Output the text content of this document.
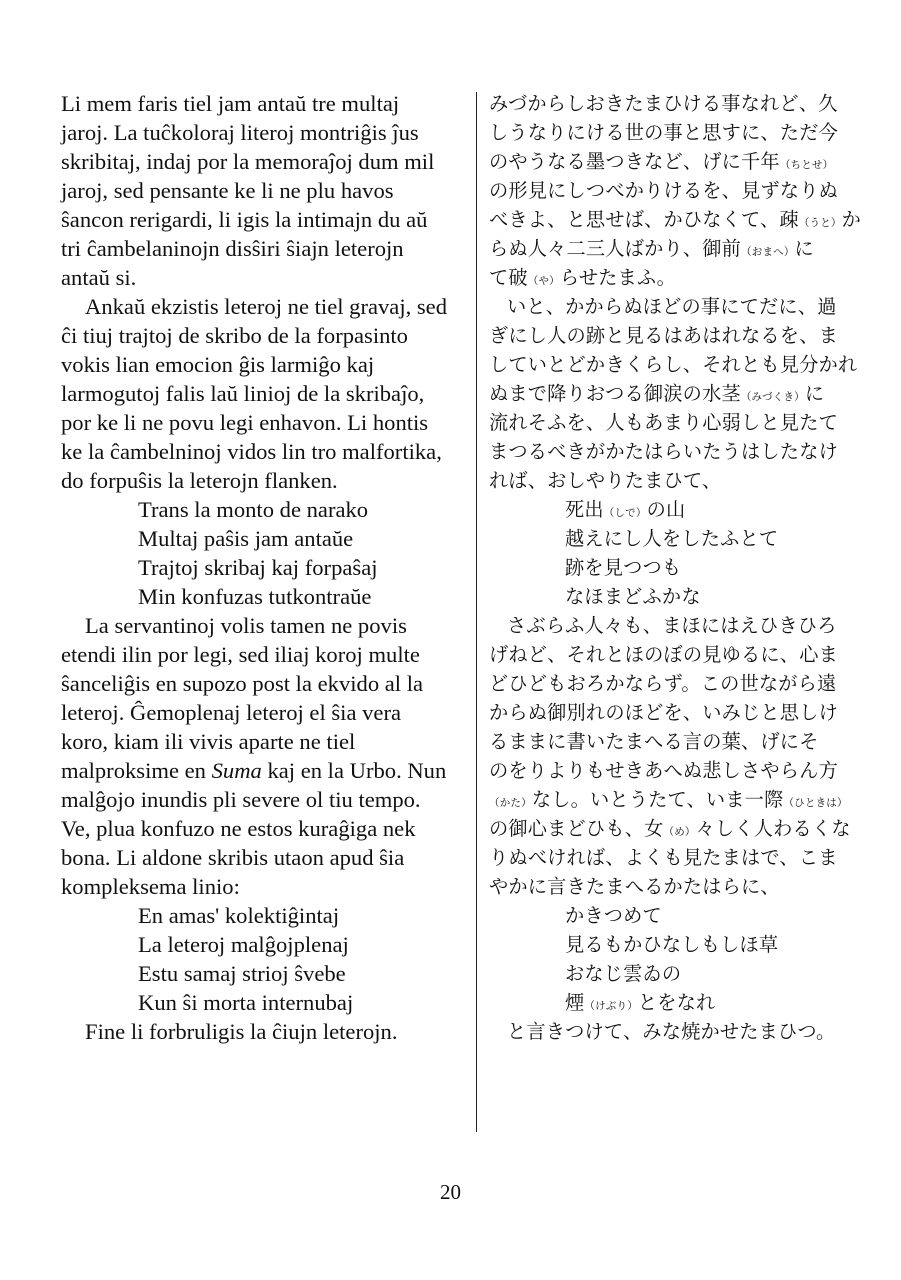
Li mem faris tiel jam antaŭ tre multaj
jaroj. La tuĉkoloraj literoj montriĝis ĵus
skribitaj, indaj por la memoraĵoj dum mil
jaroj, sed pensante ke li ne plu havos
ŝancon rerigardi, li igis la intimajn du aŭ
tri ĉambelaninojn disŝiri ŝiajn leterojn
antaŭ si.
Ankaŭ ekzistis leteroj ne tiel gravaj, sed
ĉi tiuj trajtoj de skribo de la forpasinto
vokis lian emocion ĝis larmiĝo kaj
larmogutoj falis laŭ linioj de la skribaĵo,
por ke li ne povu legi enhavon. Li hontis
ke la ĉambelninoj vidos lin tro malfortika,
do forpuŝis la leterojn flanken.
Trans la monto de narako
Multaj paŝis jam antaŭe
Trajtoj skribaj kaj forpaŝaj
Min konfuzas tutkontraŭe
La servantinoj volis tamen ne povis
etendi ilin por legi, sed iliaj koroj multe
ŝanceliĝis en supozo post la ekvido al la
leteroj. Ĝemoplenaj leteroj el ŝia vera
koro, kiam ili vivis aparte ne tiel
malproksime en Suma kaj en la Urbo. Nun
malĝojo inundis pli severe ol tiu tempo.
Ve, plua konfuzo ne estos kuraĝiga nek
bona. Li aldone skribis utaon apud ŝia
kompleksema linio:
En amas' kolektiĝintaj
La leteroj malĝojplenaj
Estu samaj strioj ŝvebe
Kun ŝi morta internubaj
Fine li forbruligis la ĉiujn leterojn.
みづからしおきたまひける事なれど、久
しうなりにける世の事と思すに、ただ今
のやうなる墨つきなど、げに千年（ちとせ）
の形見にしつべかりけるを、見ずなりぬ
べきよ、と思せば、かひなくて、疎（うと）か
らぬ人々二三人ばかり、御前（おまへ）に
て破（や）らせたまふ。
いと、かからぬほどの事にてだに、過
ぎにし人の跡と見るはあはれなるを、ま
していとどかきくらし、それとも見分かれ
ぬまで降りおつる御涙の水茎（みづくき）に
流れそふを、人もあまり心弱しと見たて
まつるべきがかたはらいたうはしたなけ
れば、おしやりたまひて、
死出（しで）の山
越えにし人をしたふとて
跡を見つつも
なほまどふかな
さぶらふ人々も、まほにはえひきひろ
げねど、それとほのぼの見ゆるに、心ま
どひどもおろかならず。この世ながら遠
からぬ御別れのほどを、いみじと思しけ
るままに書いたまへる言の葉、げにそ
のをりよりもせきあへぬ悲しさやらん方
（かた）なし。いとうたて、いま一際（ひときは）
の御心まどひも、女（め）々しく人わるくな
りぬべければ、よくも見たまはで、こま
やかに言きたまへるかたはらに、
かきつめて
見るもかひなしもしほ草
おなじ雲ゐの
煙（けぶり）とをなれ
と言きつけて、みな焼かせたまひつ。
20
